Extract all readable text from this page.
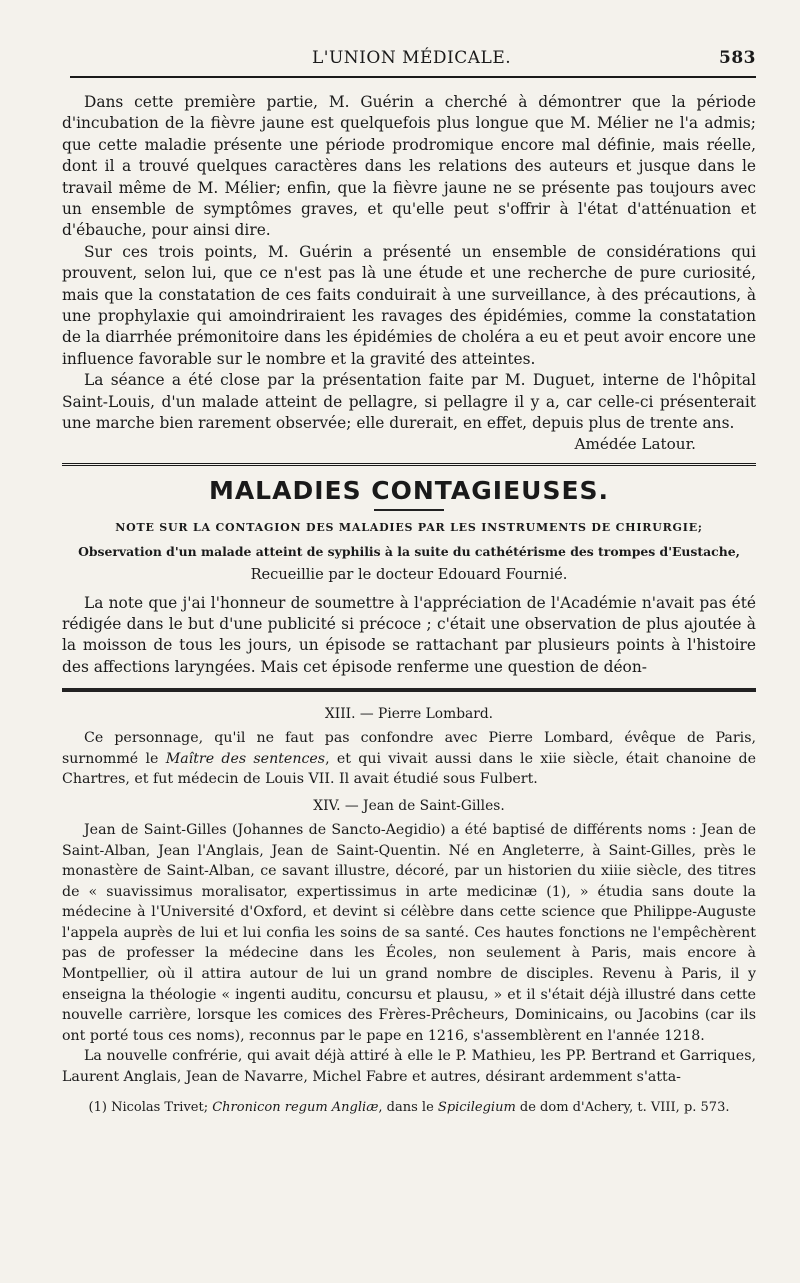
L'UNION MÉDICALE.	583

Dans cette première partie, M. Guérin a cherché à démontrer que la période d'incubation de la fièvre jaune est quelquefois plus longue que M. Mélier ne l'a admis; que cette maladie présente une période prodromique encore mal définie, mais réelle, dont il a trouvé quelques caractères dans les relations des auteurs et jusque dans le travail même de M. Mélier; enfin, que la fièvre jaune ne se présente pas toujours avec un ensemble de symptômes graves, et qu'elle peut s'offrir à l'état d'atténuation et d'ébauche, pour ainsi dire.

Sur ces trois points, M. Guérin a présenté un ensemble de considérations qui prouvent, selon lui, que ce n'est pas là une étude et une recherche de pure curiosité, mais que la constatation de ces faits conduirait à une surveillance, à des précautions, à une prophylaxie qui amoindriraient les ravages des épidémies, comme la constatation de la diarrhée prémonitoire dans les épidémies de choléra a eu et peut avoir encore une influence favorable sur le nombre et la gravité des atteintes.

La séance a été close par la présentation faite par M. Duguet, interne de l'hôpital Saint-Louis, d'un malade atteint de pellagre, si pellagre il y a, car celle-ci présenterait une marche bien rarement observée; elle durerait, en effet, depuis plus de trente ans.

Amédée Latour.
MALADIES CONTAGIEUSES.
NOTE SUR LA CONTAGION DES MALADIES PAR LES INSTRUMENTS DE CHIRURGIE;
Observation d'un malade atteint de syphilis à la suite du cathétérisme des trompes d'Eustache,
Recueillie par le docteur Edouard Fournié.

La note que j'ai l'honneur de soumettre à l'appréciation de l'Académie n'avait pas été rédigée dans le but d'une publicité si précoce ; c'était une observation de plus ajoutée à la moisson de tous les jours, un épisode se rattachant par plusieurs points à l'histoire des affections laryngées. Mais cet épisode renferme une question de déon-

XIII. — Pierre Lombard.

Ce personnage, qu'il ne faut pas confondre avec Pierre Lombard, évêque de Paris, surnommé le Maître des sentences, et qui vivait aussi dans le xiie siècle, était chanoine de Chartres, et fut médecin de Louis VII. Il avait étudié sous Fulbert.

XIV. — Jean de Saint-Gilles.

Jean de Saint-Gilles (Johannes de Sancto-Aegidio) a été baptisé de différents noms : Jean de Saint-Alban, Jean l'Anglais, Jean de Saint-Quentin. Né en Angleterre, à Saint-Gilles, près le monastère de Saint-Alban, ce savant illustre, décoré, par un historien du xiiie siècle, des titres de « suavissimus moralisator, expertissimus in arte medicinæ (1), » étudia sans doute la médecine à l'Université d'Oxford, et devint si célèbre dans cette science que Philippe-Auguste l'appela auprès de lui et lui confia les soins de sa santé. Ces hautes fonctions ne l'empêchèrent pas de professer la médecine dans les Écoles, non seulement à Paris, mais encore à Montpellier, où il attira autour de lui un grand nombre de disciples. Revenu à Paris, il y enseigna la théologie « ingenti auditu, concursu et plausu, » et il s'était déjà illustré dans cette nouvelle carrière, lorsque les comices des Frères-Prêcheurs, Dominicains, ou Jacobins (car ils ont porté tous ces noms), reconnus par le pape en 1216, s'assemblèrent en l'année 1218.

La nouvelle confrérie, qui avait déjà attiré à elle le P. Mathieu, les PP. Bertrand et Garriques, Laurent Anglais, Jean de Navarre, Michel Fabre et autres, désirant ardemment s'atta-

(1) Nicolas Trivet; Chronicon regum Angliæ, dans le Spicilegium de dom d'Achery, t. VIII, p. 573.
